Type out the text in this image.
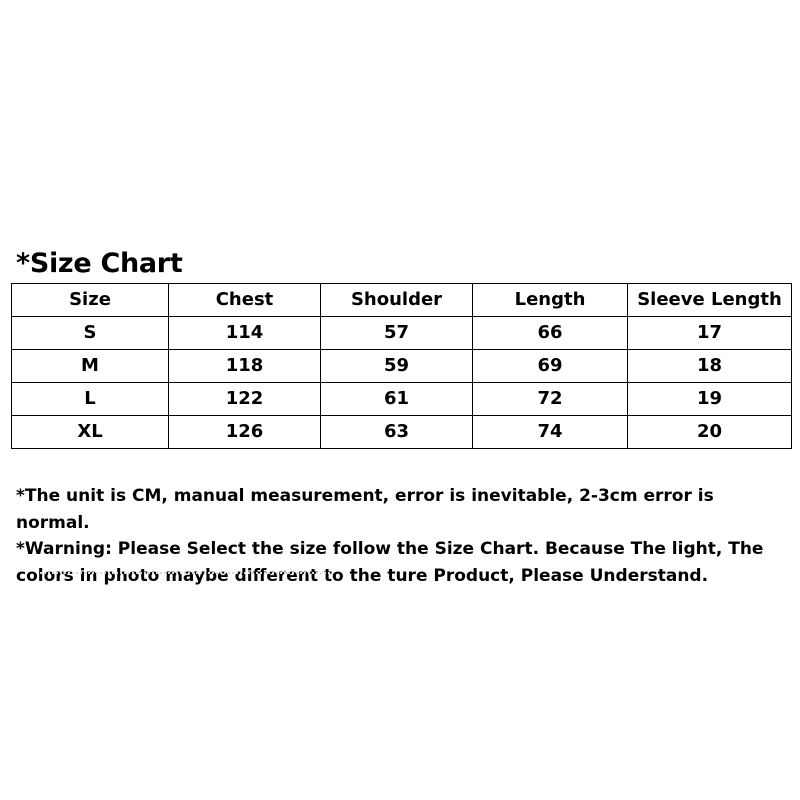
*Size Chart
Size	Chest	Shoulder	Length	Sleeve Length
S	114	57	66	17
M	118	59	69	18
L	122	61	72	19
XL	126	63	74	20

*The unit is CM, manual measurement, error is inevitable, 2-3cm error is normal.

*Warning: Please Select the size follow the Size Chart. Because The light, The colors in photo maybe different to the ture Product, Please Understand.
